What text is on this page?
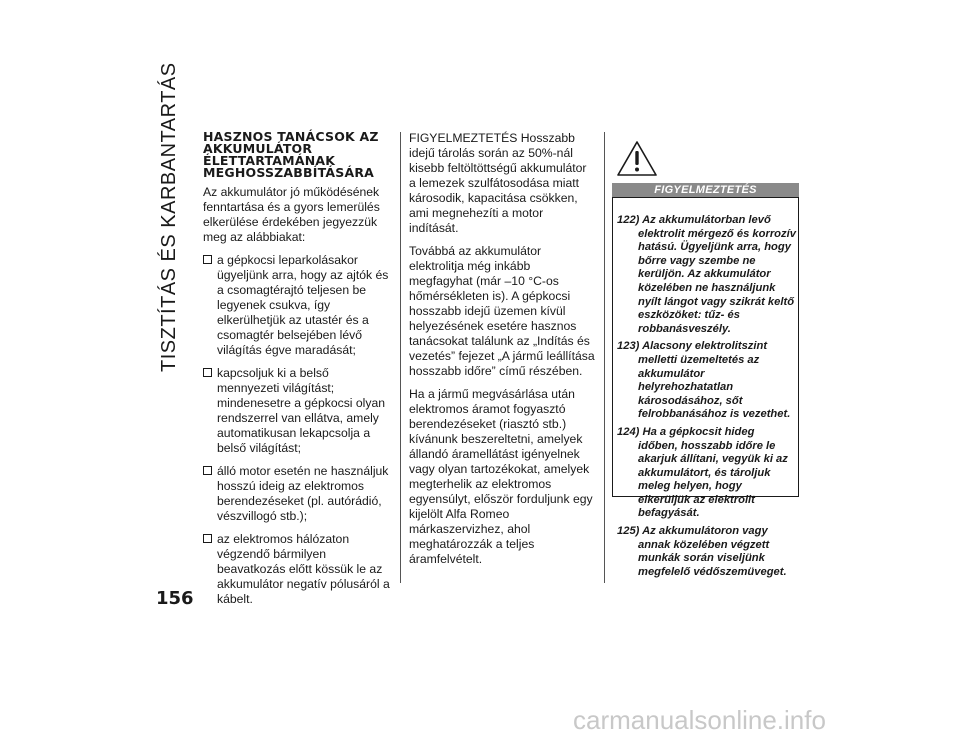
TISZTÍTÁS ÉS KARBANTARTÁS
156
HASZNOS TANÁCSOK AZ AKKUMULÁTOR ÉLETTARTAMÁNAK MEGHOSSZABBÍTÁSÁRA

Az akkumulátor jó működésének fenntartása és a gyors lemerülés elkerülése érdekében jegyezzük meg az alábbiakat:

a gépkocsi leparkolásakor ügyeljünk arra, hogy az ajtók és a csomagtérajtó teljesen be legyenek csukva, így elkerülhetjük az utastér és a csomagtér belsejében lévő világítás égve maradását;
kapcsoljuk ki a belső mennyezeti világítást; mindenesetre a gépkocsi olyan rendszerrel van ellátva, amely automatikusan lekapcsolja a belső világítást;
álló motor esetén ne használjuk hosszú ideig az elektromos berendezéseket (pl. autórádió, vészvillogó stb.);
az elektromos hálózaton végzendő bármilyen beavatkozás előtt kössük le az akkumulátor negatív pólusáról a kábelt.

FIGYELMEZTETÉS Hosszabb idejű tárolás során az 50%-nál kisebb feltöltöttségű akkumulátor a lemezek szulfátosodása miatt károsodik, kapacitása csökken, ami megnehezíti a motor indítását.

Továbbá az akkumulátor elektrolitja még inkább megfagyhat (már –10 °C-os hőmérsékleten is). A gépkocsi hosszabb idejű üzemen kívül helyezésének esetére hasznos tanácsokat találunk az „Indítás és vezetés” fejezet „A jármű leállítása hosszabb időre” című részében.

Ha a jármű megvásárlása után elektromos áramot fogyasztó berendezéseket (riasztó stb.) kívánunk beszereltetni, amelyek állandó áramellátást igényelnek vagy olyan tartozékokat, amelyek megterhelik az elektromos egyensúlyt, először forduljunk egy kijelölt Alfa Romeo márkaszervizhez, ahol meghatározzák a teljes áramfelvételt.

FIGYELMEZTETÉS
122) Az akkumulátorban levő elektrolit mérgező és korrozív hatású. Ügyeljünk arra, hogy bőrre vagy szembe ne kerüljön. Az akkumulátor közelében ne használjunk nyílt lángot vagy szikrát keltő eszközöket: tűz- és robbanásveszély.
123) Alacsony elektrolitszint melletti üzemeltetés az akkumulátor helyrehozhatatlan károsodásához, sőt felrobbanásához is vezethet.
124) Ha a gépkocsit hideg időben, hosszabb időre le akarjuk állítani, vegyük ki az akkumulátort, és tároljuk meleg helyen, hogy elkerüljük az elektrolit befagyását.
125) Az akkumulátoron vagy annak közelében végzett munkák során viseljünk megfelelő védőszemüveget.
carmanualsonline.info
